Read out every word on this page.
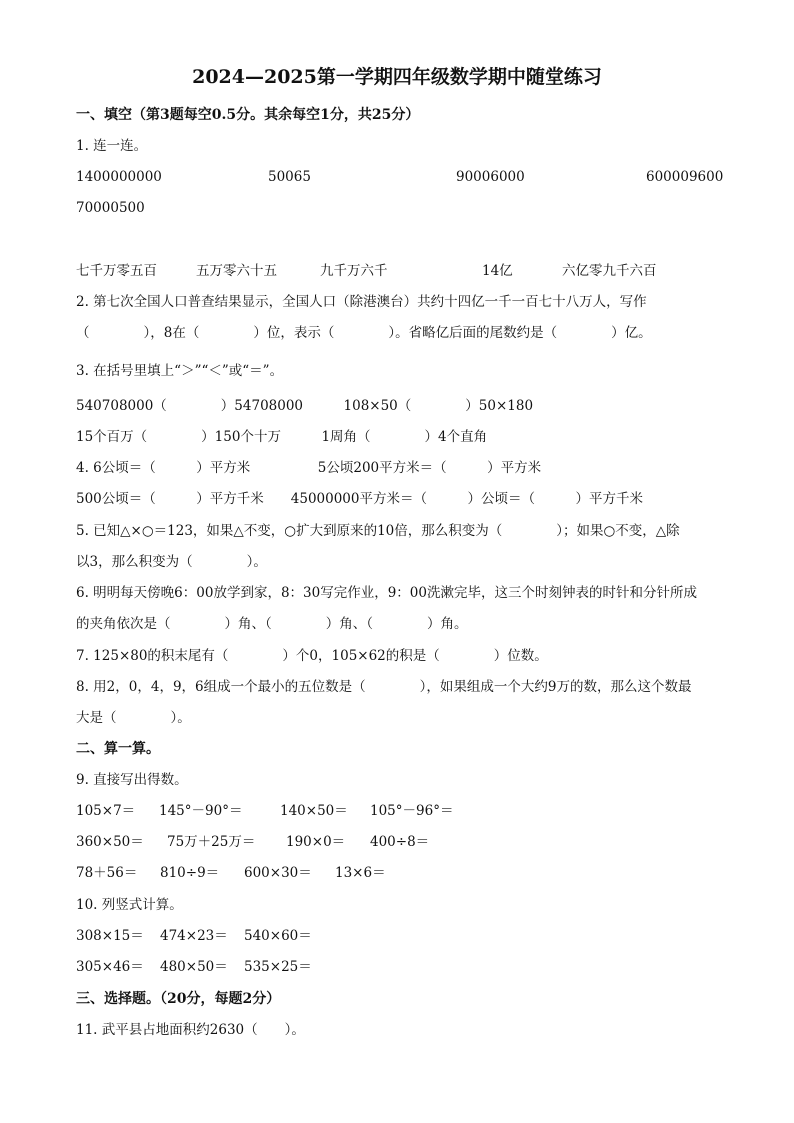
2024—2025第一学期四年级数学期中随堂练习
一、填空（第3题每空0.5分。其余每空1分，共25分）
1. 连一连。
1400000000	50065	90006000	600009600
70000500
七千万零五百	五万零六十五	九千万六千	14亿	六亿零九千六百
2. 第七次全国人口普查结果显示，全国人口（除港澳台）共约十四亿一千一百七十八万人，写作
（　　　　），8在（　　　　）位，表示（　　　　）。省略亿后面的尾数约是（　　　　）亿。
3. 在括号里填上“＞”“＜”或“＝”。
540708000（　　　　）54708000　　　108×50（　　　　）50×180
15个百万（　　　　）150个十万　　　1周角（　　　　）4个直角
4. 6公顷＝（　　　）平方米　　　　　5公顷200平方米＝（　　　）平方米
500公顷＝（　　　）平方千米　　45000000平方米＝（　　　）公顷＝（　　　）平方千米
5. 已知△×○＝123，如果△不变，○扩大到原来的10倍，那么积变为（　　　　）；如果○不变，△除
以3，那么积变为（　　　　）。
6. 明明每天傍晚6：00放学到家，8：30写完作业，9：00洗漱完毕，这三个时刻钟表的时针和分针所成
的夹角依次是（　　　　）角、（　　　　）角、（　　　　）角。
7. 125×80的积末尾有（　　　　）个0，105×62的积是（　　　　）位数。
8. 用2，0，4，9，6组成一个最小的五位数是（　　　　），如果组成一个大约9万的数，那么这个数最
大是（　　　　）。
二、算一算。
9. 直接写出得数。
105×7＝ 145°－90°＝	140×50＝ 105°－96°＝
360×50＝ 75万＋25万＝ 190×0＝ 400÷8＝
78＋56＝ 810÷9＝ 600×30＝ 13×6＝
10. 列竖式计算。
308×15＝ 474×23＝ 540×60＝
305×46＝ 480×50＝ 535×25＝
三、选择题。（20分，每题2分）
11. 武平县占地面积约2630（　　）。
